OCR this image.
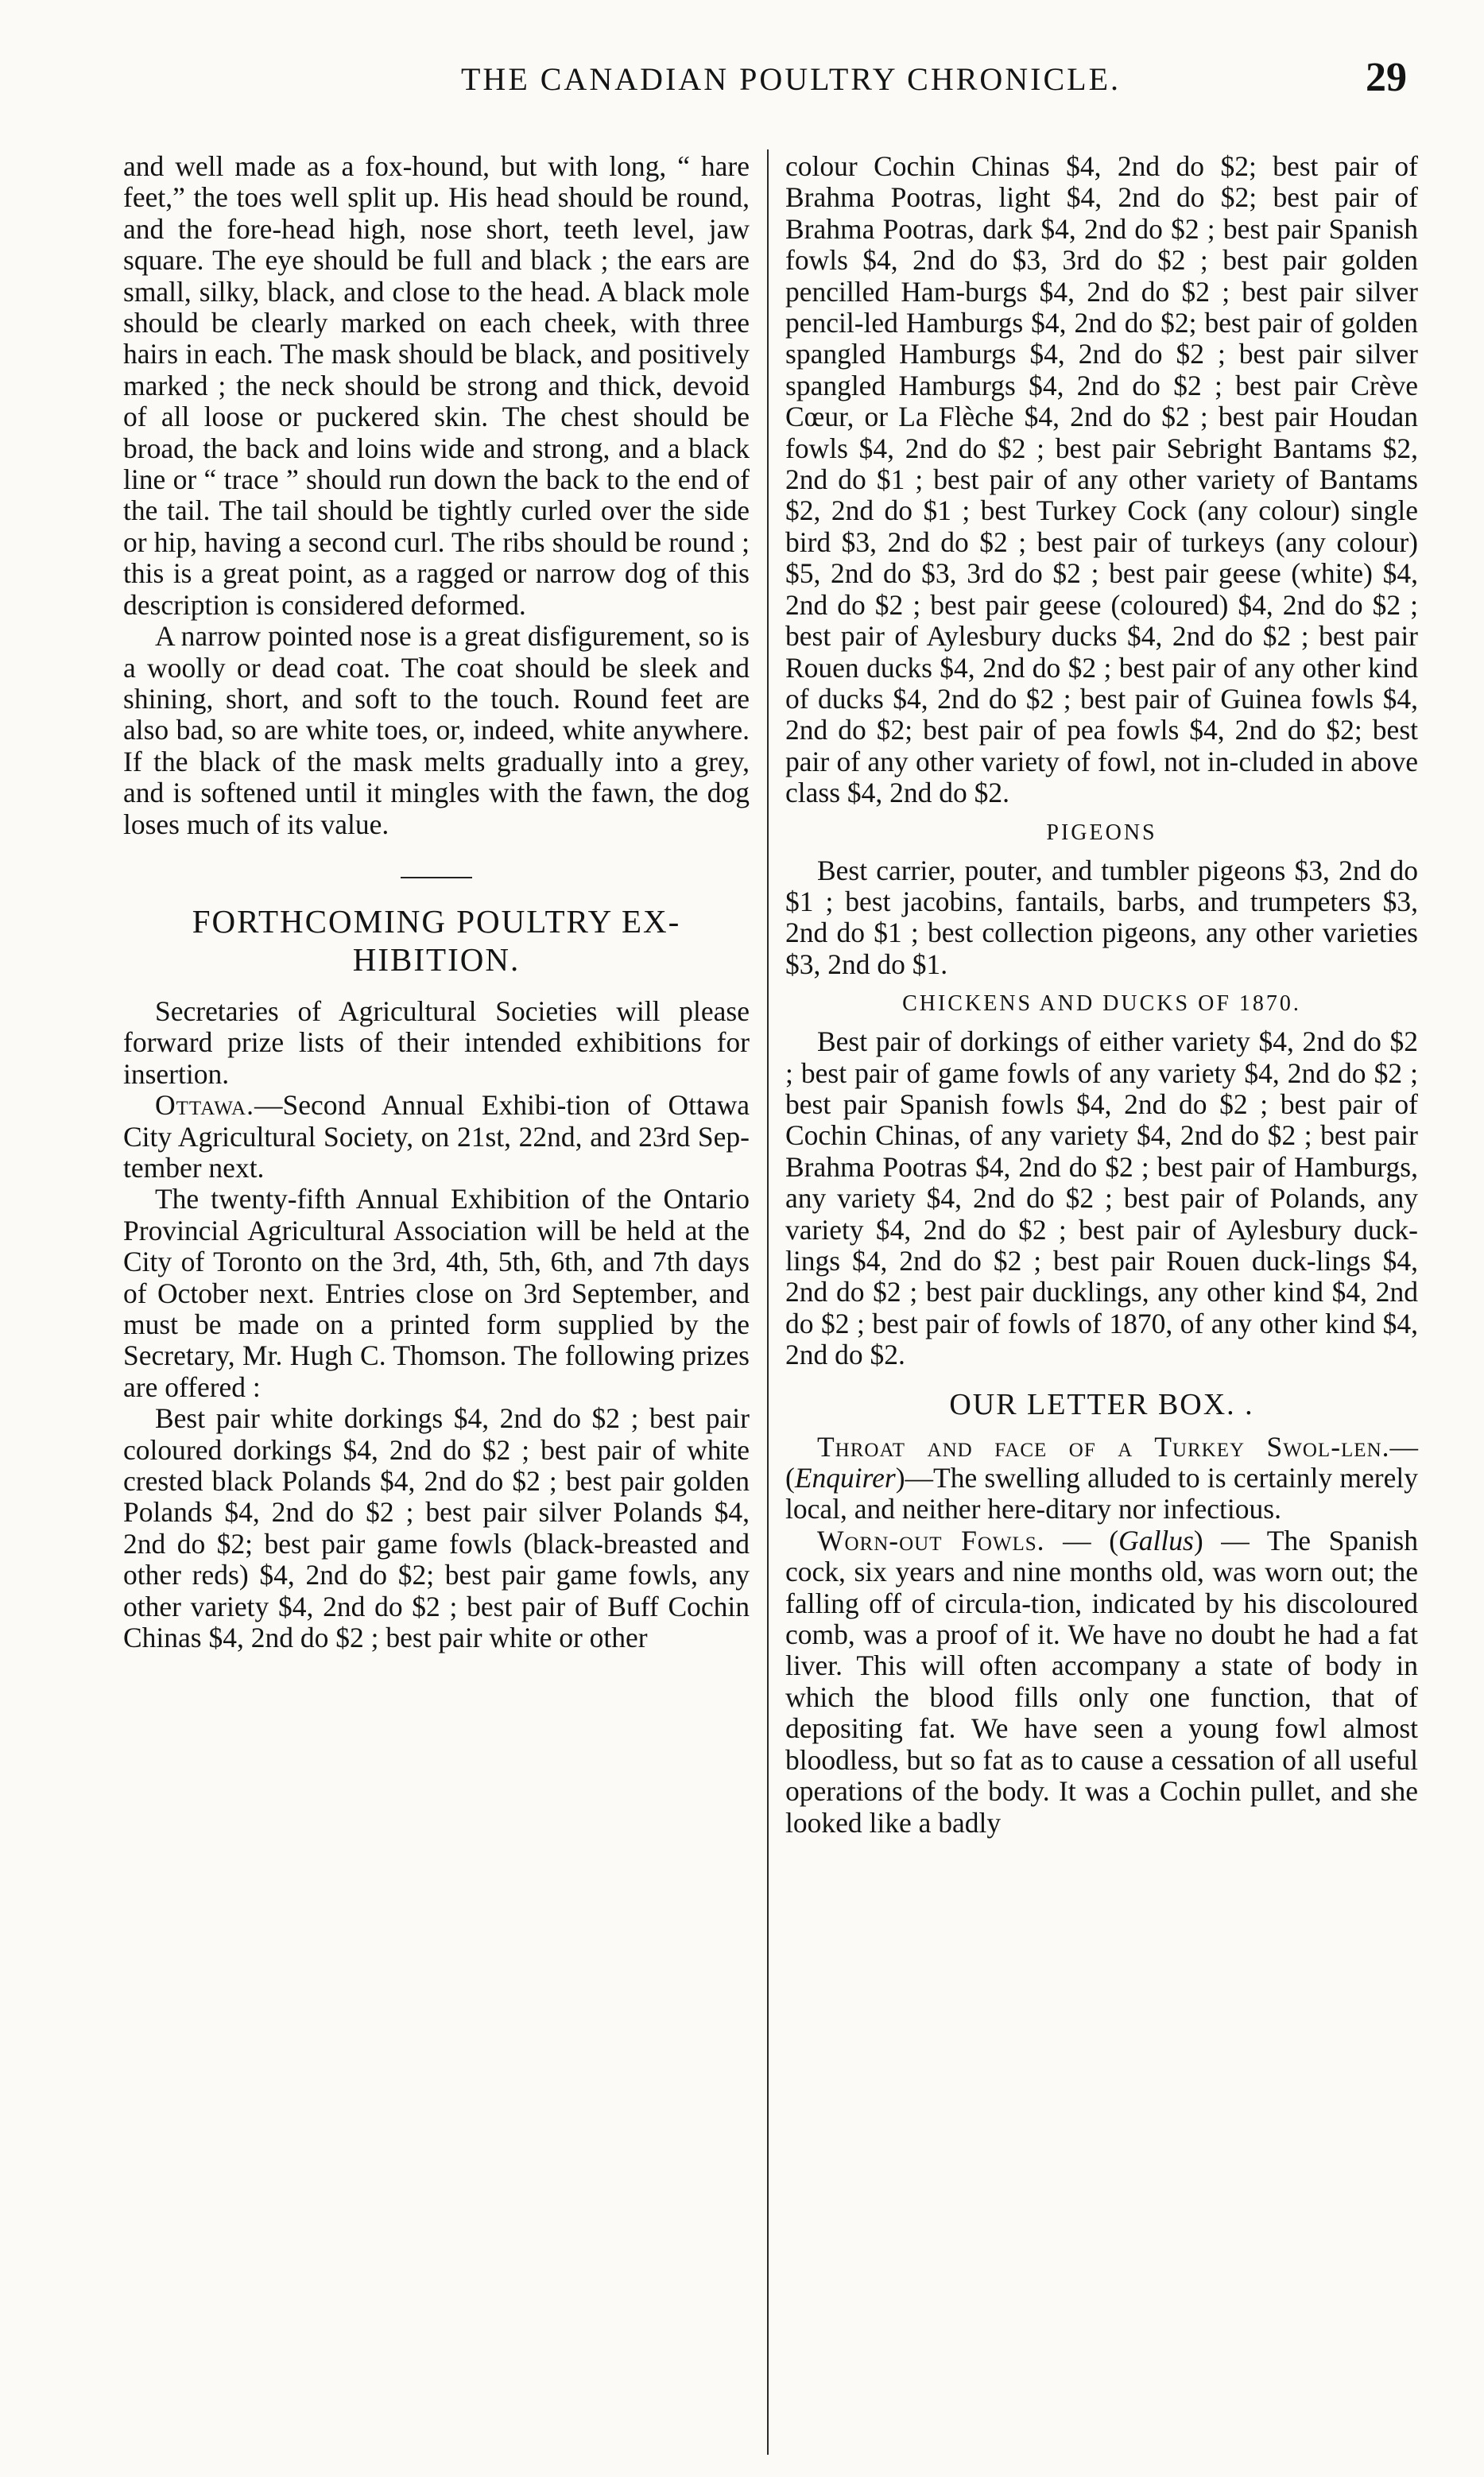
THE CANADIAN POULTRY CHRONICLE.	29

and well made as a fox-hound, but with long, “ hare feet,” the toes well split up. His head should be round, and the fore-head high, nose short, teeth level, jaw square. The eye should be full and black ; the ears are small, silky, black, and close to the head. A black mole should be clearly marked on each cheek, with three hairs in each. The mask should be black, and positively marked ; the neck should be strong and thick, devoid of all loose or puckered skin. The chest should be broad, the back and loins wide and strong, and a black line or “ trace ” should run down the back to the end of the tail. The tail should be tightly curled over the side or hip, having a second curl. The ribs should be round ; this is a great point, as a ragged or narrow dog of this description is considered deformed.

A narrow pointed nose is a great disfigurement, so is a woolly or dead coat. The coat should be sleek and shining, short, and soft to the touch. Round feet are also bad, so are white toes, or, indeed, white anywhere. If the black of the mask melts gradually into a grey, and is softened until it mingles with the fawn, the dog loses much of its value.

FORTHCOMING POULTRY EX-HIBITION.

Secretaries of Agricultural Societies will please forward prize lists of their intended exhibitions for insertion.

Ottawa.—Second Annual Exhibi-tion of Ottawa City Agricultural Society, on 21st, 22nd, and 23rd Sep-tember next.

The twenty-fifth Annual Exhibition of the Ontario Provincial Agricultural Association will be held at the City of Toronto on the 3rd, 4th, 5th, 6th, and 7th days of October next. Entries close on 3rd September, and must be made on a printed form supplied by the Secretary, Mr. Hugh C. Thomson. The following prizes are offered :

Best pair white dorkings $4, 2nd do $2 ; best pair coloured dorkings $4, 2nd do $2 ; best pair of white crested black Polands $4, 2nd do $2 ; best pair golden Polands $4, 2nd do $2 ; best pair silver Polands $4, 2nd do $2; best pair game fowls (black-breasted and other reds) $4, 2nd do $2; best pair game fowls, any other variety $4, 2nd do $2 ; best pair of Buff Cochin Chinas $4, 2nd do $2 ; best pair white or other

colour Cochin Chinas $4, 2nd do $2; best pair of Brahma Pootras, light $4, 2nd do $2; best pair of Brahma Pootras, dark $4, 2nd do $2 ; best pair Spanish fowls $4, 2nd do $3, 3rd do $2 ; best pair golden pencilled Ham-burgs $4, 2nd do $2 ; best pair silver pencil-led Hamburgs $4, 2nd do $2; best pair of golden spangled Hamburgs $4, 2nd do $2 ; best pair silver spangled Hamburgs $4, 2nd do $2 ; best pair Crève Cœur, or La Flèche $4, 2nd do $2 ; best pair Houdan fowls $4, 2nd do $2 ; best pair Sebright Bantams $2, 2nd do $1 ; best pair of any other variety of Bantams $2, 2nd do $1 ; best Turkey Cock (any colour) single bird $3, 2nd do $2 ; best pair of turkeys (any colour) $5, 2nd do $3, 3rd do $2 ; best pair geese (white) $4, 2nd do $2 ; best pair geese (coloured) $4, 2nd do $2 ; best pair of Aylesbury ducks $4, 2nd do $2 ; best pair Rouen ducks $4, 2nd do $2 ; best pair of any other kind of ducks $4, 2nd do $2 ; best pair of Guinea fowls $4, 2nd do $2; best pair of pea fowls $4, 2nd do $2; best pair of any other variety of fowl, not in-cluded in above class $4, 2nd do $2.

PIGEONS

Best carrier, pouter, and tumbler pigeons $3, 2nd do $1 ; best jacobins, fantails, barbs, and trumpeters $3, 2nd do $1 ; best collection pigeons, any other varieties $3, 2nd do $1.

CHICKENS AND DUCKS OF 1870.

Best pair of dorkings of either variety $4, 2nd do $2 ; best pair of game fowls of any variety $4, 2nd do $2 ; best pair Spanish fowls $4, 2nd do $2 ; best pair of Cochin Chinas, of any variety $4, 2nd do $2 ; best pair Brahma Pootras $4, 2nd do $2 ; best pair of Hamburgs, any variety $4, 2nd do $2 ; best pair of Polands, any variety $4, 2nd do $2 ; best pair of Aylesbury duck-lings $4, 2nd do $2 ; best pair Rouen duck-lings $4, 2nd do $2 ; best pair ducklings, any other kind $4, 2nd do $2 ; best pair of fowls of 1870, of any other kind $4, 2nd do $2.

OUR LETTER BOX. .

Throat and face of a Turkey Swol-len.—(Enquirer)—The swelling alluded to is certainly merely local, and neither here-ditary nor infectious.

Worn-out Fowls. — (Gallus) — The Spanish cock, six years and nine months old, was worn out; the falling off of circula-tion, indicated by his discoloured comb, was a proof of it. We have no doubt he had a fat liver. This will often accompany a state of body in which the blood fills only one function, that of depositing fat. We have seen a young fowl almost bloodless, but so fat as to cause a cessation of all useful operations of the body. It was a Cochin pullet, and she looked like a badly
